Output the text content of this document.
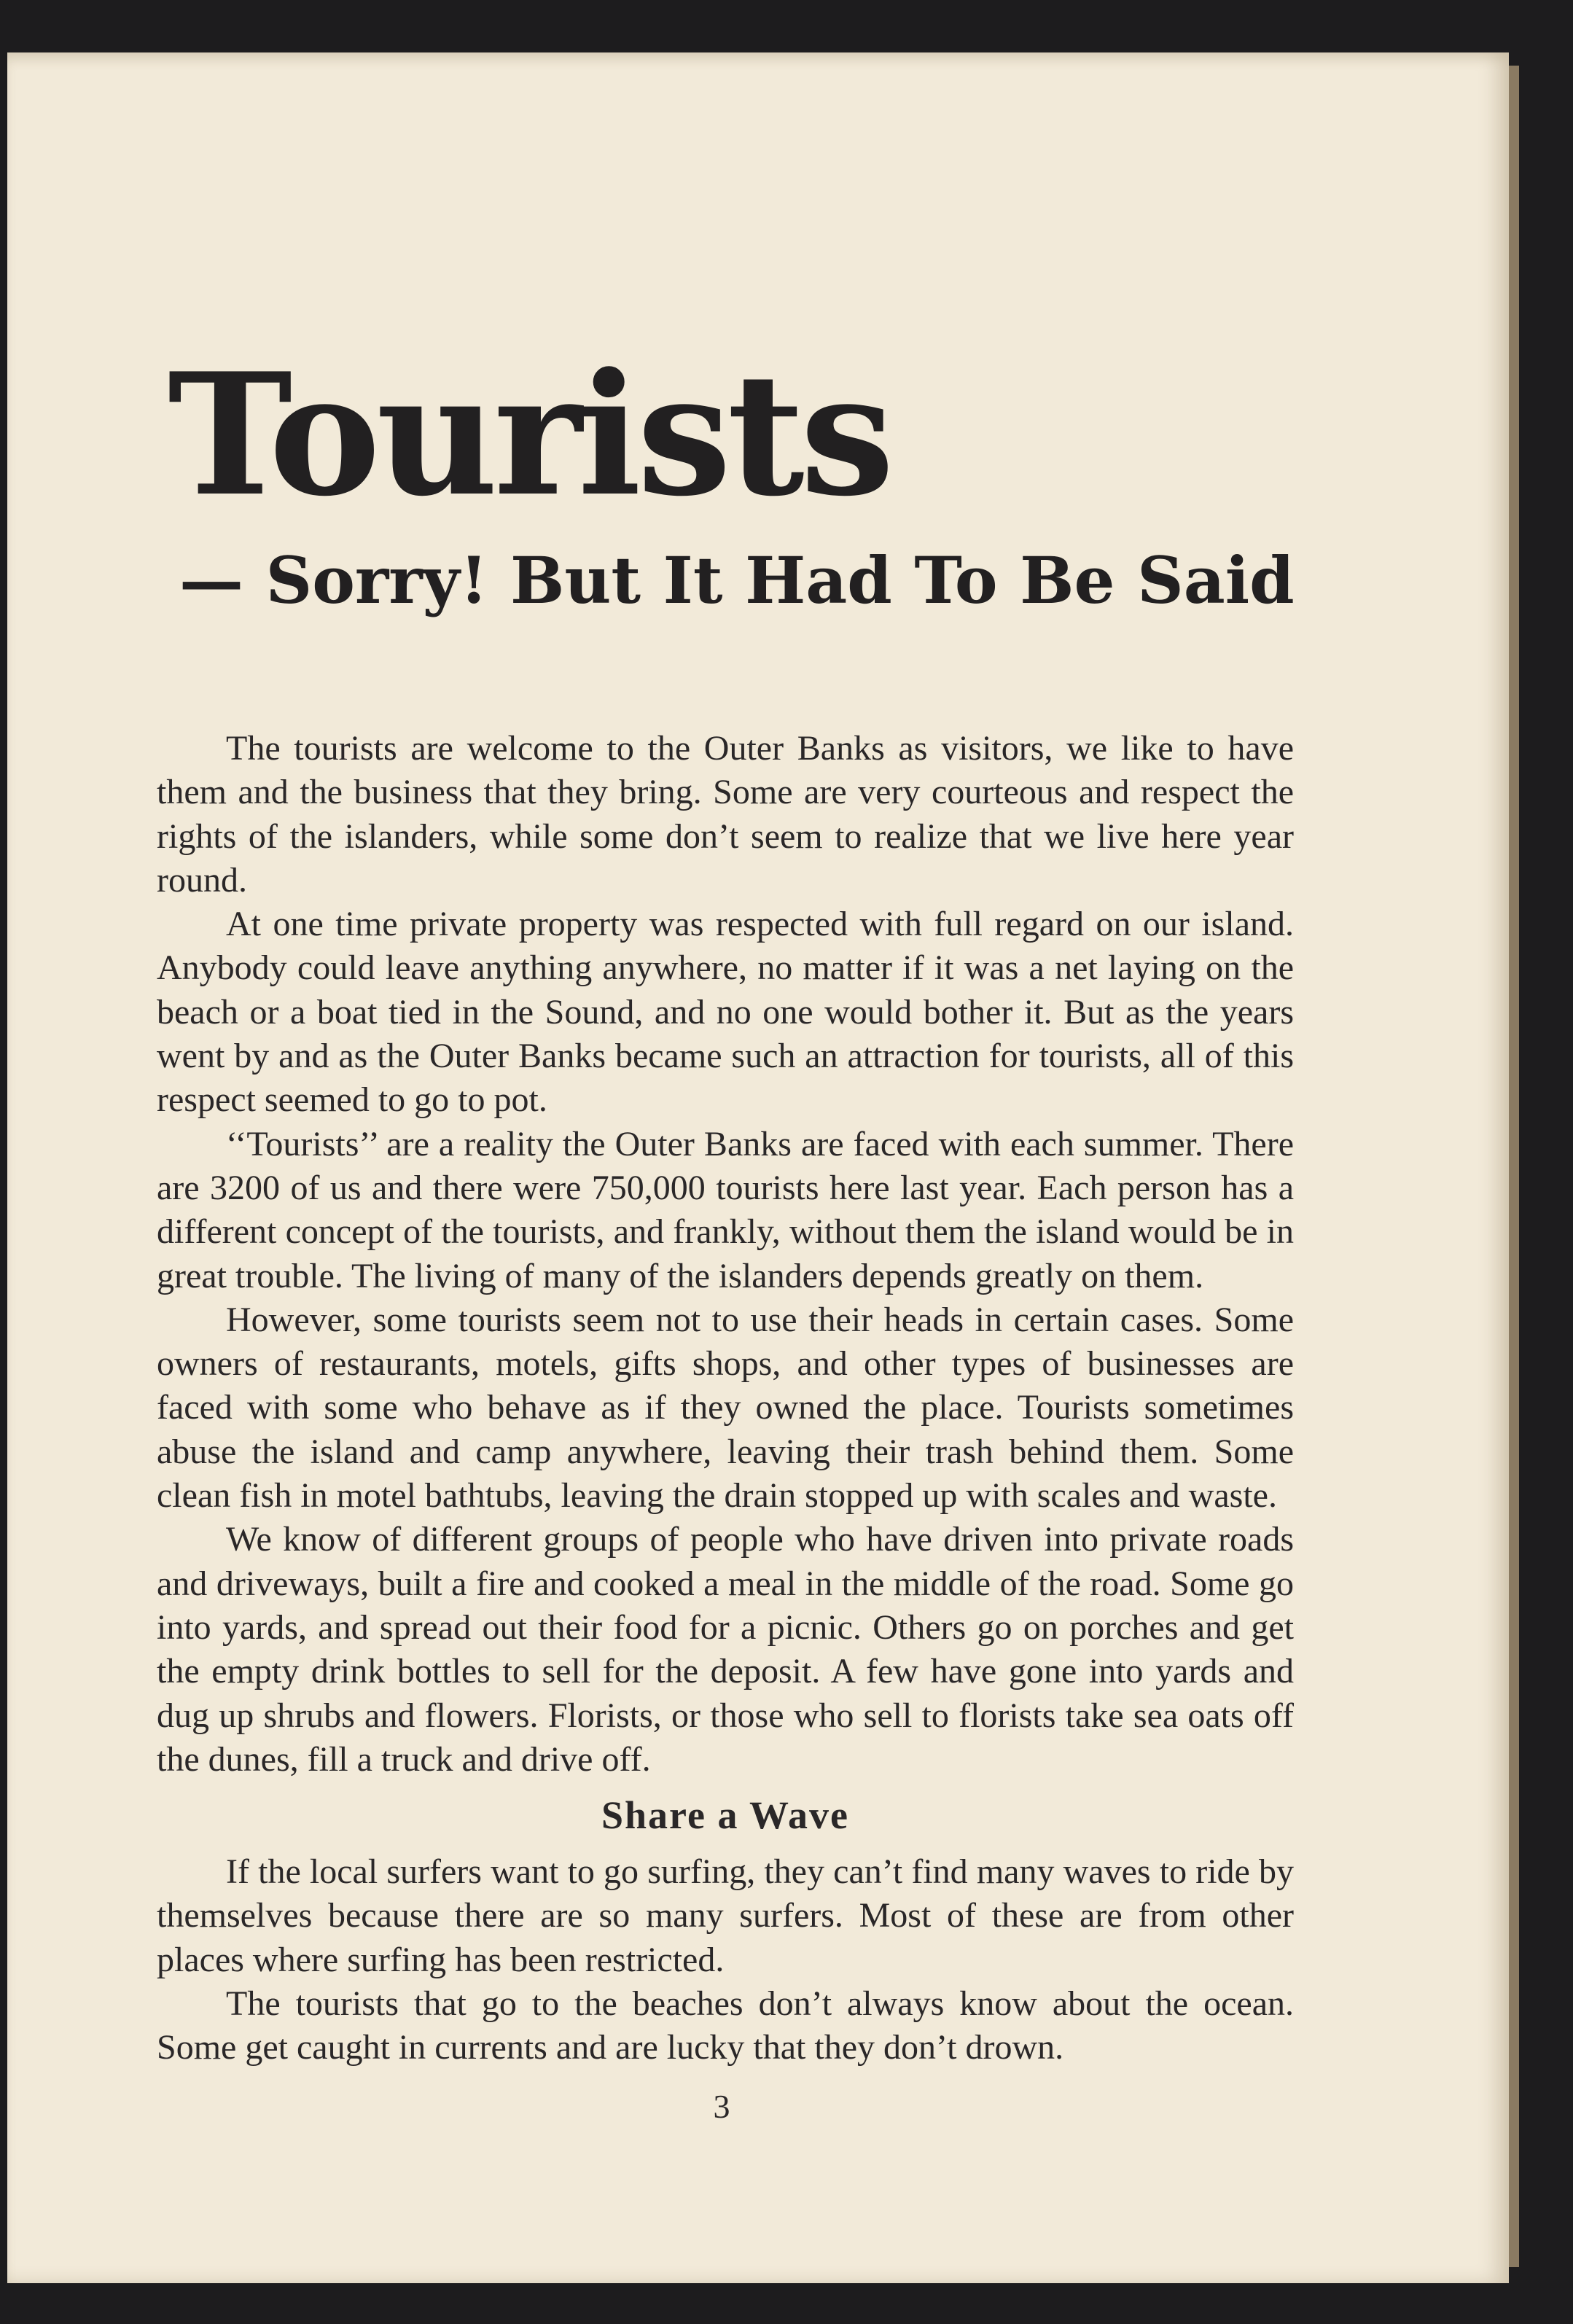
Tourists
— Sorry! But It Had To Be Said

The tourists are welcome to the Outer Banks as visitors, we like to have them and the business that they bring. Some are very courteous and respect the rights of the islanders, while some don’t seem to realize that we live here year round.

At one time private property was respected with full regard on our island. Anybody could leave anything anywhere, no matter if it was a net laying on the beach or a boat tied in the Sound, and no one would bother it. But as the years went by and as the Outer Banks became such an attraction for tourists, all of this respect seemed to go to pot.

‘‘Tourists’’ are a reality the Outer Banks are faced with each summer. There are 3200 of us and there were 750,000 tourists here last year. Each person has a different concept of the tourists, and frankly, without them the island would be in great trouble. The living of many of the islanders depends greatly on them.

However, some tourists seem not to use their heads in certain cases. Some owners of restaurants, motels, gifts shops, and other types of businesses are faced with some who behave as if they owned the place. Tourists sometimes abuse the island and camp anywhere, leaving their trash behind them. Some clean fish in motel bathtubs, leaving the drain stopped up with scales and waste.

We know of different groups of people who have driven into private roads and driveways, built a fire and cooked a meal in the middle of the road. Some go into yards, and spread out their food for a picnic. Others go on porches and get the empty drink bottles to sell for the deposit. A few have gone into yards and dug up shrubs and flowers. Florists, or those who sell to florists take sea oats off the dunes, fill a truck and drive off.

Share a Wave

If the local surfers want to go surfing, they can’t find many waves to ride by themselves because there are so many surfers. Most of these are from other places where surfing has been restricted.

The tourists that go to the beaches don’t always know about the ocean. Some get caught in currents and are lucky that they don’t drown.

3
